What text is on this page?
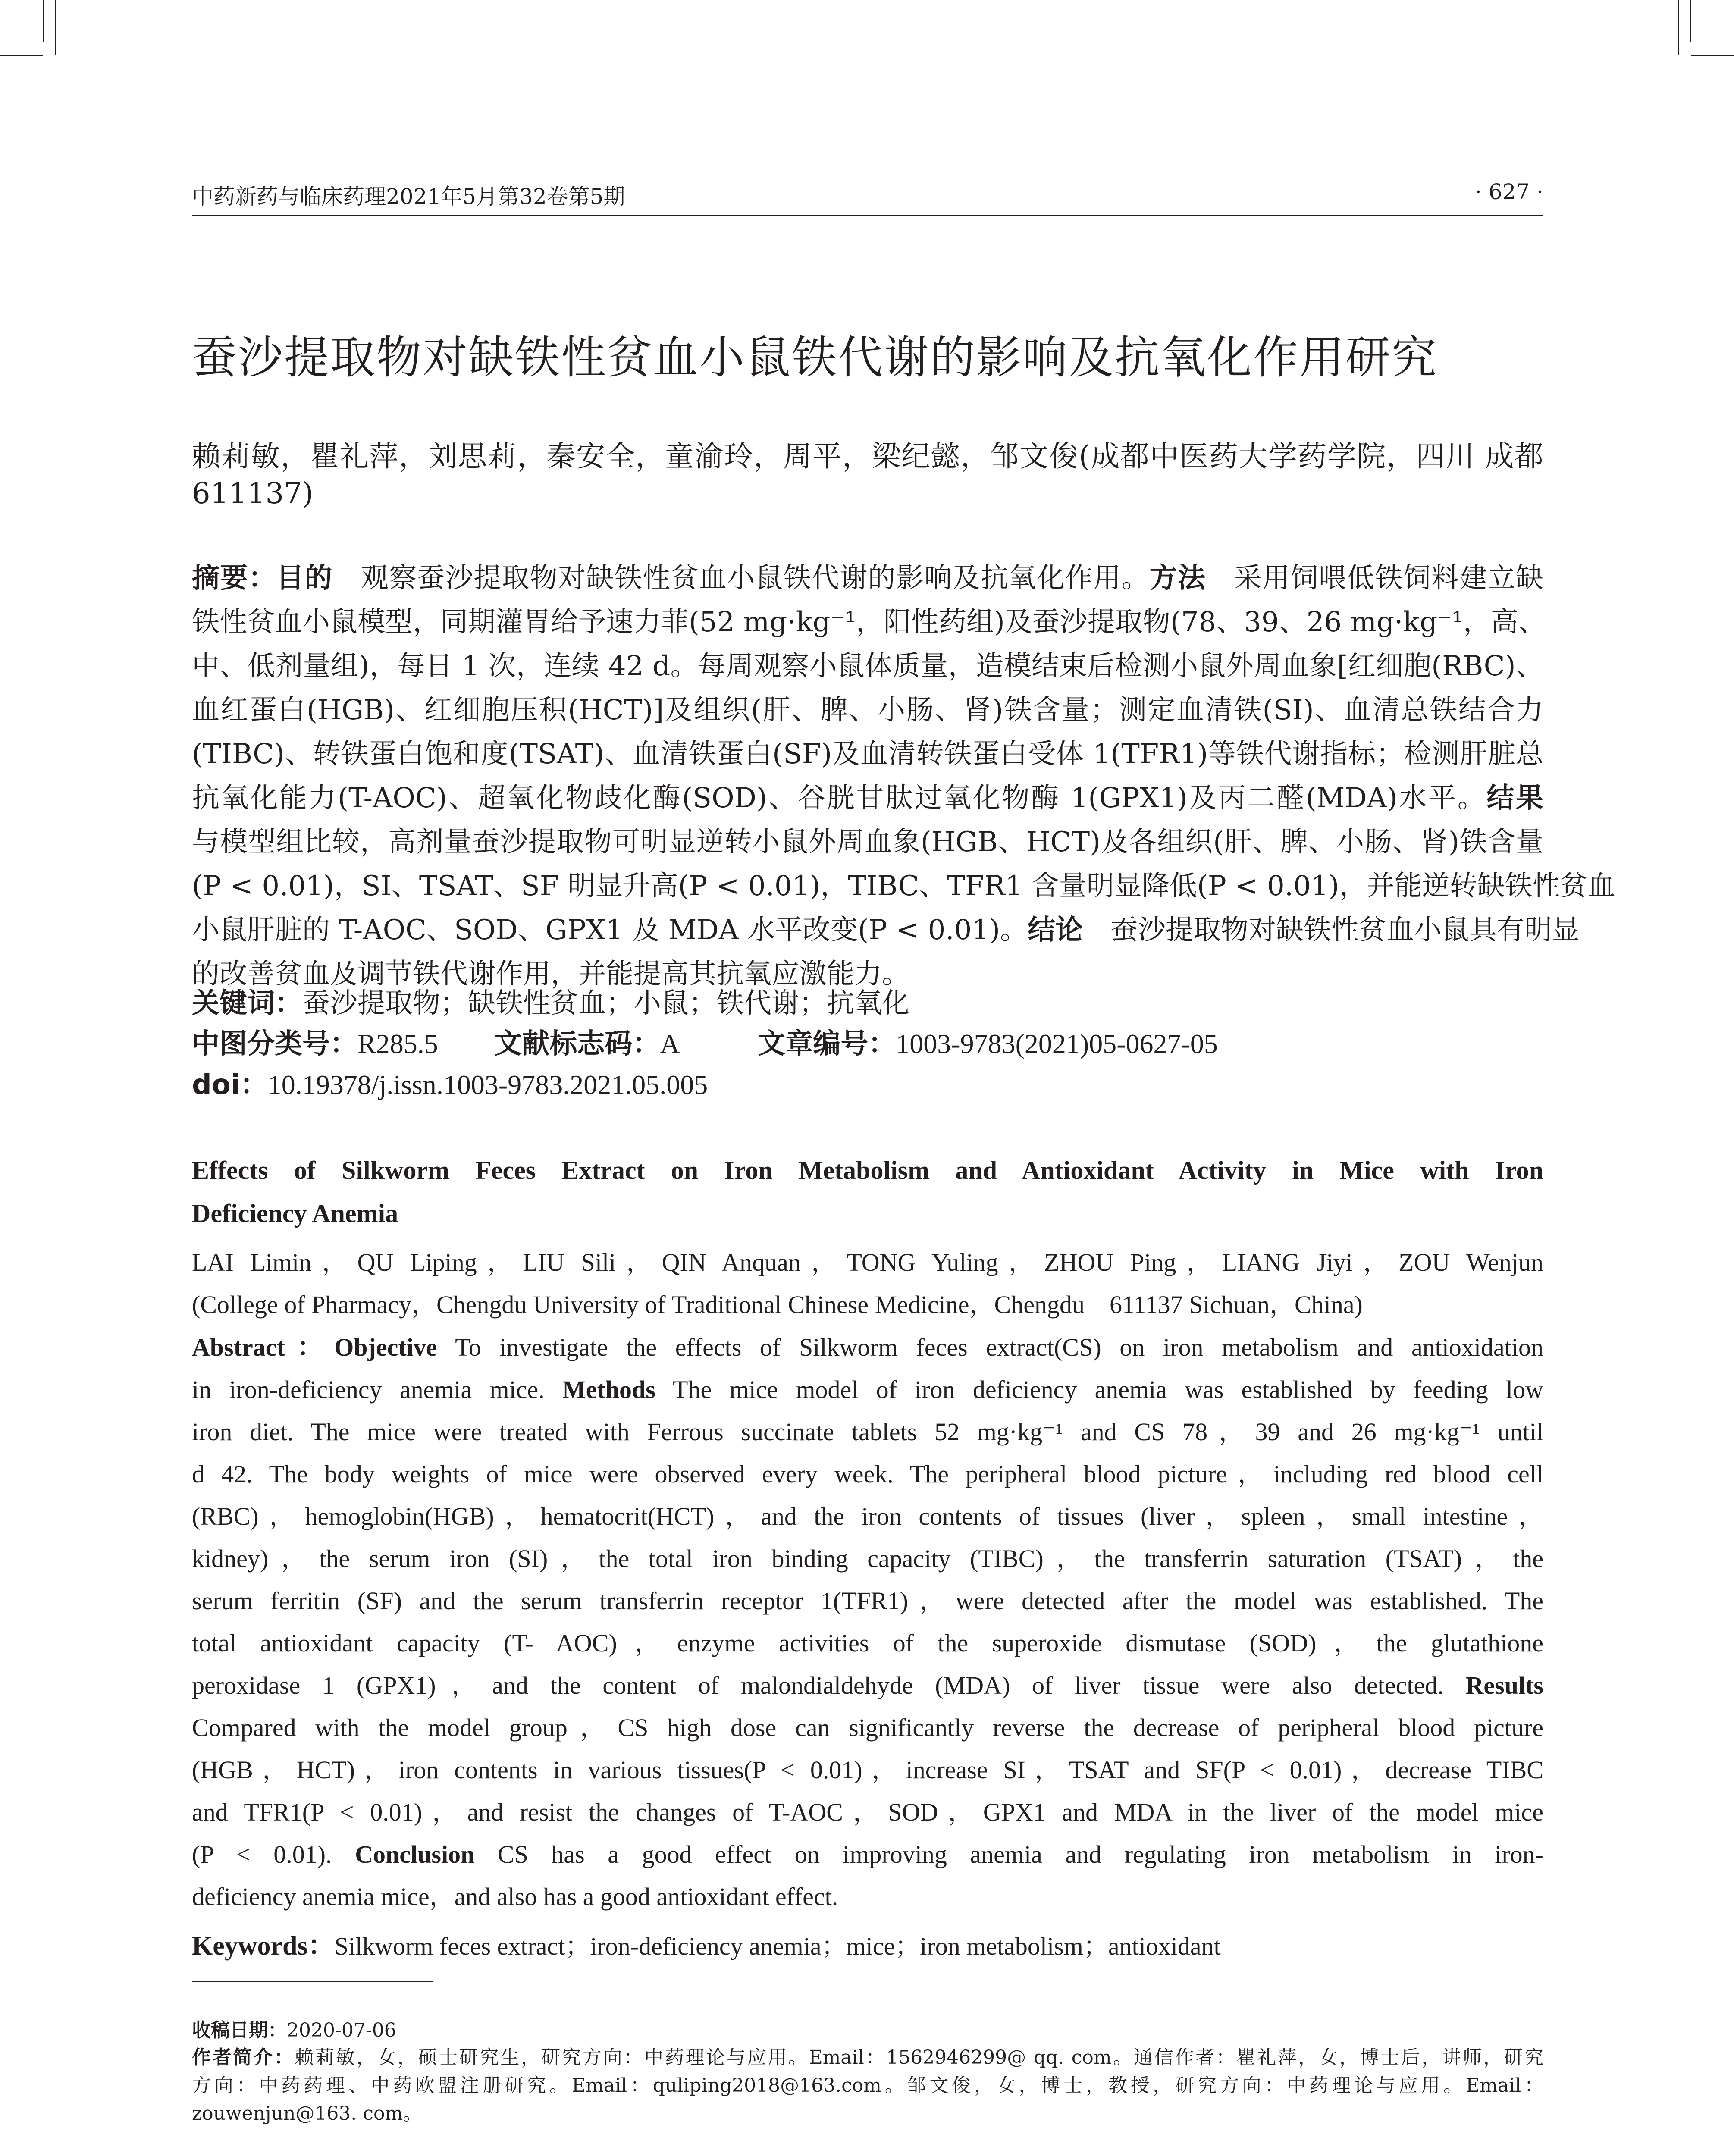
中药新药与临床药理2021年5月第32卷第5期	· 627 ·
蚕沙提取物对缺铁性贫血小鼠铁代谢的影响及抗氧化作用研究
赖莉敏，瞿礼萍，刘思莉，秦安全，童渝玲，周平，梁纪懿，邹文俊(成都中医药大学药学院，四川 成都
611137)
摘要：目的　观察蚕沙提取物对缺铁性贫血小鼠铁代谢的影响及抗氧化作用。方法　采用饲喂低铁饲料建立缺
铁性贫血小鼠模型，同期灌胃给予速力菲(52 mg·kg⁻¹，阳性药组)及蚕沙提取物(78、39、26 mg·kg⁻¹，高、
中、低剂量组)，每日 1 次，连续 42 d。每周观察小鼠体质量，造模结束后检测小鼠外周血象[红细胞(RBC)、
血红蛋白(HGB)、红细胞压积(HCT)]及组织(肝、脾、小肠、肾)铁含量；测定血清铁(SI)、血清总铁结合力
(TIBC)、转铁蛋白饱和度(TSAT)、血清铁蛋白(SF)及血清转铁蛋白受体 1(TFR1)等铁代谢指标；检测肝脏总
抗氧化能力(T-AOC)、超氧化物歧化酶(SOD)、谷胱甘肽过氧化物酶 1(GPX1)及丙二醛(MDA)水平。结果
与模型组比较，高剂量蚕沙提取物可明显逆转小鼠外周血象(HGB、HCT)及各组织(肝、脾、小肠、肾)铁含量
(P < 0.01)，SI、TSAT、SF 明显升高(P < 0.01)，TIBC、TFR1 含量明显降低(P < 0.01)，并能逆转缺铁性贫血
小鼠肝脏的 T-AOC、SOD、GPX1 及 MDA 水平改变(P < 0.01)。结论　蚕沙提取物对缺铁性贫血小鼠具有明显
的改善贫血及调节铁代谢作用，并能提高其抗氧应激能力。
关键词：蚕沙提取物；缺铁性贫血；小鼠；铁代谢；抗氧化
中图分类号：R285.5 文献标志码：A	文章编号：1003-9783(2021)05-0627-05
doi：10.19378/j.issn.1003-9783.2021.05.005
Effects of Silkworm Feces Extract on Iron Metabolism and Antioxidant Activity in Mice with Iron
Deficiency Anemia
LAI Limin，QU Liping，LIU Sili，QIN Anquan，TONG Yuling，ZHOU Ping，LIANG Jiyi，ZOU Wenjun
(College of Pharmacy，Chengdu University of Traditional Chinese Medicine，Chengdu　611137 Sichuan，China)
Abstract：Objective To investigate the effects of Silkworm feces extract(CS) on iron metabolism and antioxidation
in iron-deficiency anemia mice. Methods The mice model of iron deficiency anemia was established by feeding low
iron diet. The mice were treated with Ferrous succinate tablets 52 mg·kg⁻¹ and CS 78，39 and 26 mg·kg⁻¹ until
d 42. The body weights of mice were observed every week. The peripheral blood picture，including red blood cell
(RBC)，hemoglobin(HGB)，hematocrit(HCT)，and the iron contents of tissues (liver，spleen，small intestine，
kidney)，the serum iron (SI)，the total iron binding capacity (TIBC)，the transferrin saturation (TSAT)，the
serum ferritin (SF) and the serum transferrin receptor 1(TFR1)，were detected after the model was established. The
total antioxidant capacity (T- AOC)，enzyme activities of the superoxide dismutase (SOD)，the glutathione
peroxidase 1 (GPX1)，and the content of malondialdehyde (MDA) of liver tissue were also detected. Results
Compared with the model group，CS high dose can significantly reverse the decrease of peripheral blood picture
(HGB，HCT)，iron contents in various tissues(P < 0.01)，increase SI，TSAT and SF(P < 0.01)，decrease TIBC
and TFR1(P < 0.01)，and resist the changes of T-AOC，SOD，GPX1 and MDA in the liver of the model mice
(P < 0.01). Conclusion CS has a good effect on improving anemia and regulating iron metabolism in iron-
deficiency anemia mice，and also has a good antioxidant effect.
Keywords：Silkworm feces extract；iron-deficiency anemia；mice；iron metabolism；antioxidant
收稿日期：2020-07-06
作者简介：赖莉敏，女，硕士研究生，研究方向：中药理论与应用。Email：1562946299@ qq. com。通信作者：瞿礼萍，女，博士后，讲师，研究
方向：中药药理、中药欧盟注册研究。Email：quliping2018@163.com。邹文俊，女，博士，教授，研究方向：中药理论与应用。Email：
zouwenjun@163. com。
